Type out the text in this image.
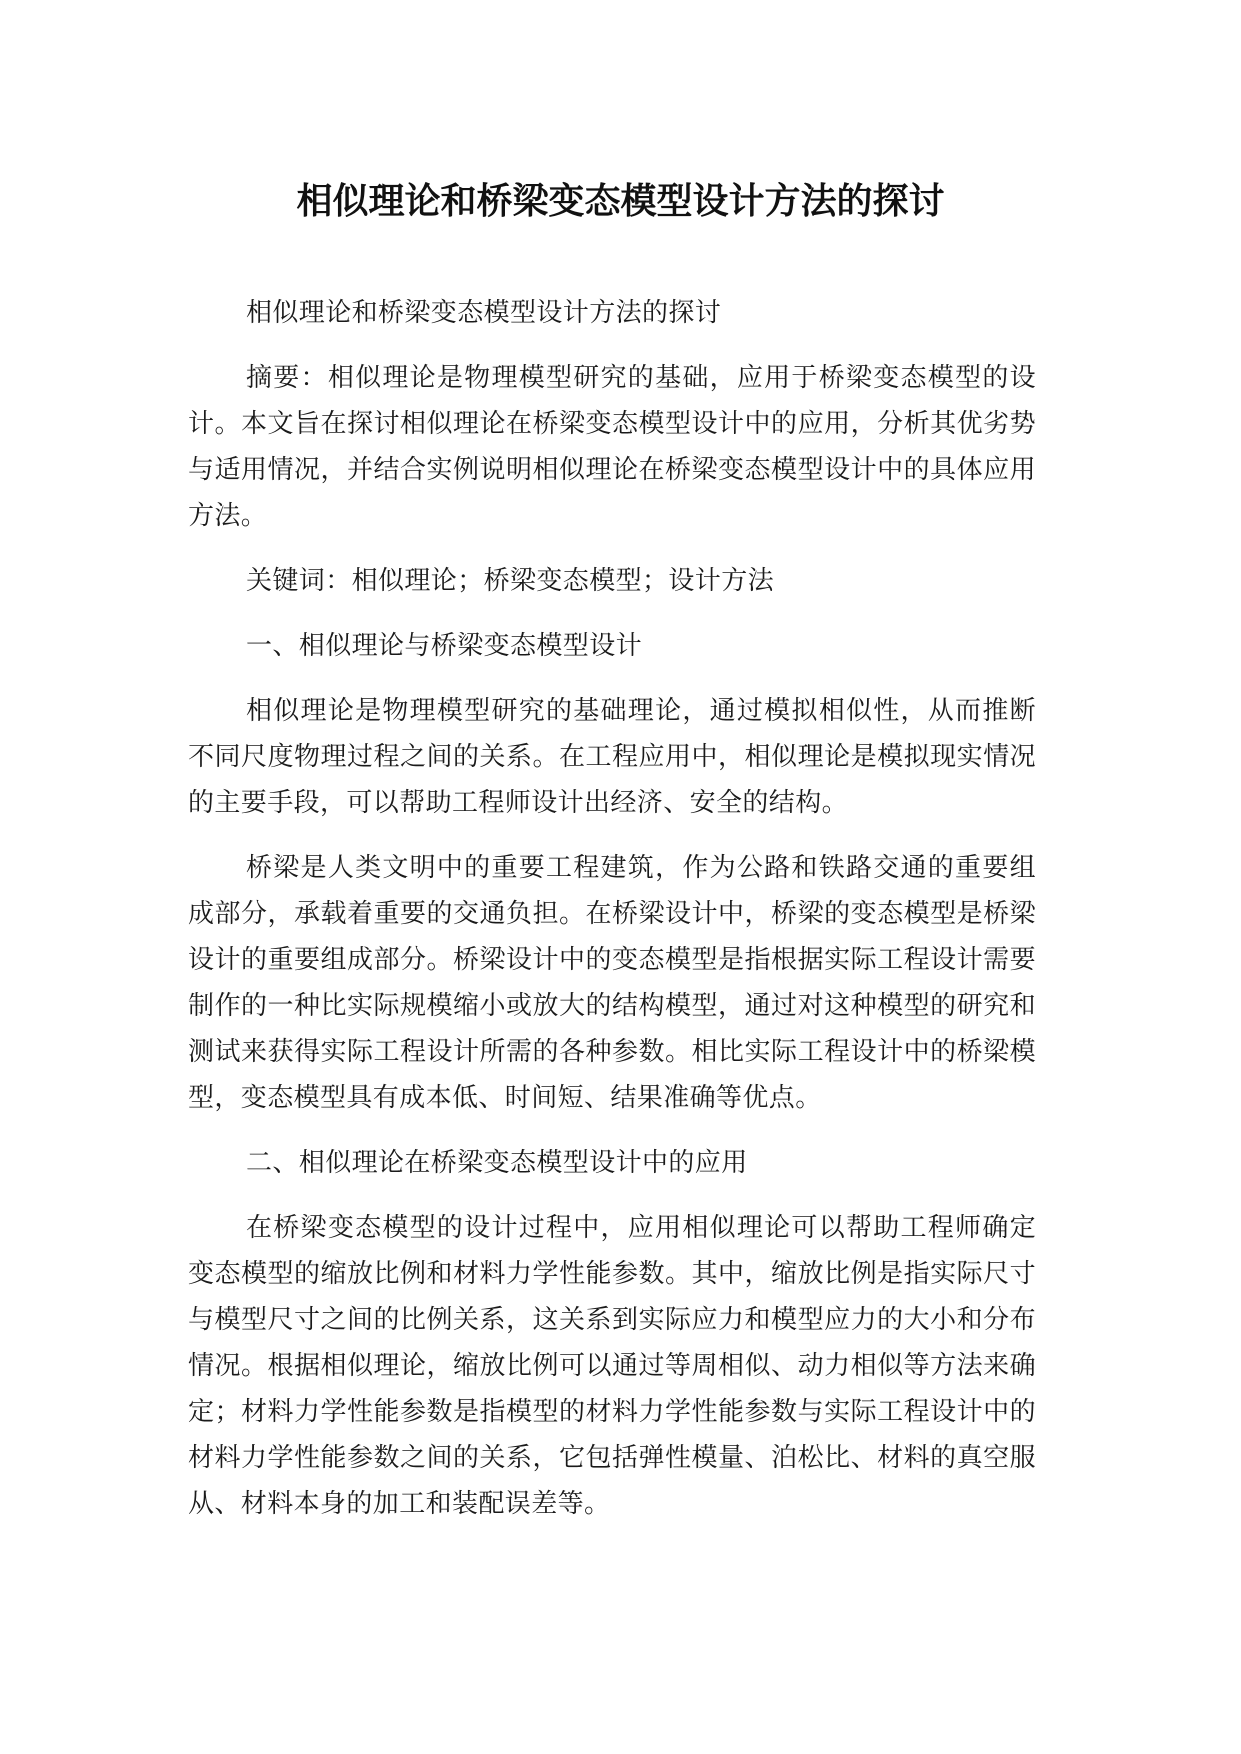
相似理论和桥梁变态模型设计方法的探讨

相似理论和桥梁变态模型设计方法的探讨

摘要：相似理论是物理模型研究的基础，应用于桥梁变态模型的设计。本文旨在探讨相似理论在桥梁变态模型设计中的应用，分析其优劣势与适用情况，并结合实例说明相似理论在桥梁变态模型设计中的具体应用方法。

关键词：相似理论；桥梁变态模型；设计方法

一、相似理论与桥梁变态模型设计

相似理论是物理模型研究的基础理论，通过模拟相似性，从而推断不同尺度物理过程之间的关系。在工程应用中，相似理论是模拟现实情况的主要手段，可以帮助工程师设计出经济、安全的结构。

桥梁是人类文明中的重要工程建筑，作为公路和铁路交通的重要组成部分，承载着重要的交通负担。在桥梁设计中，桥梁的变态模型是桥梁设计的重要组成部分。桥梁设计中的变态模型是指根据实际工程设计需要制作的一种比实际规模缩小或放大的结构模型，通过对这种模型的研究和测试来获得实际工程设计所需的各种参数。相比实际工程设计中的桥梁模型，变态模型具有成本低、时间短、结果准确等优点。

二、相似理论在桥梁变态模型设计中的应用

在桥梁变态模型的设计过程中，应用相似理论可以帮助工程师确定变态模型的缩放比例和材料力学性能参数。其中，缩放比例是指实际尺寸与模型尺寸之间的比例关系，这关系到实际应力和模型应力的大小和分布情况。根据相似理论，缩放比例可以通过等周相似、动力相似等方法来确定；材料力学性能参数是指模型的材料力学性能参数与实际工程设计中的材料力学性能参数之间的关系，它包括弹性模量、泊松比、材料的真空服从、材料本身的加工和装配误差等。
